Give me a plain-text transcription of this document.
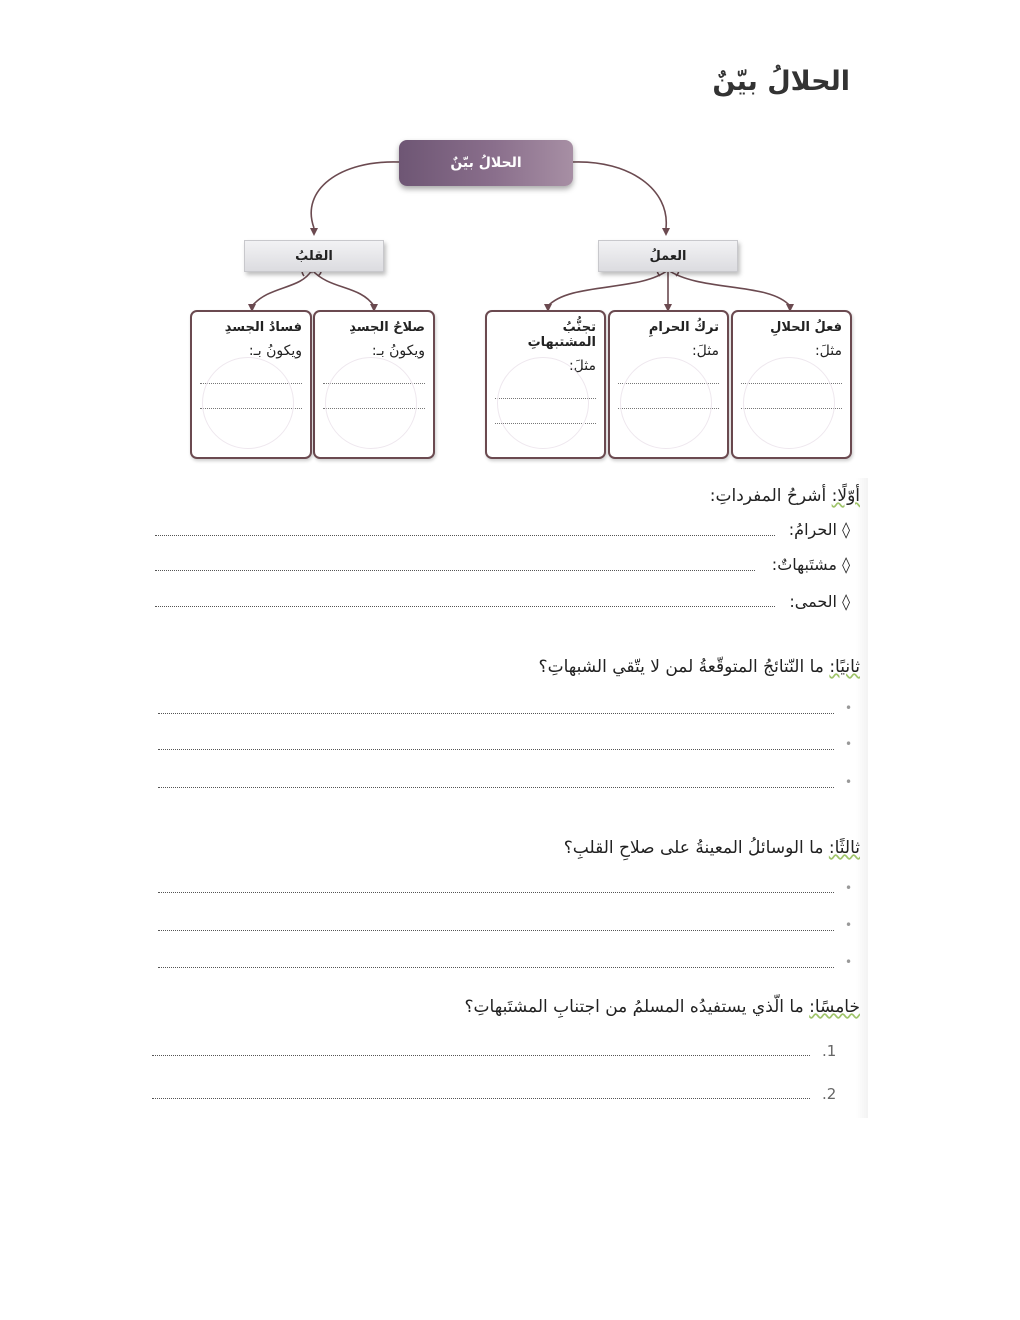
الحلالُ بيّنٌ
الحلالُ بيّنٌ
العملُ
القلبُ
فعلُ الحلالِ
مثلَ:
تركُ الحرامِ
مثلَ:
تجنُّبُ المشتبهاتِ
مثلَ:
صلاحُ الجسدِ
ويكونُ بـ:
فسادُ الجسدِ
ويكونُ بـ:
أوّلًا: أشرحُ المفرداتِ:
◊ الحرامُ:
◊ مشتَبهاتٌ:
◊ الحمى:
ثانيًا: ما النّتائجُ المتوقّعةُ لمن لا يتّقي الشبهاتِ؟
•
•
•
ثالثًا: ما الوسائلُ المعينةُ على صلاحِ القلبِ؟
•
•
•
خامسًا: ما الّذي يستفيدُه المسلمُ من اجتنابِ المشتَبهاتِ؟
.1
.2
